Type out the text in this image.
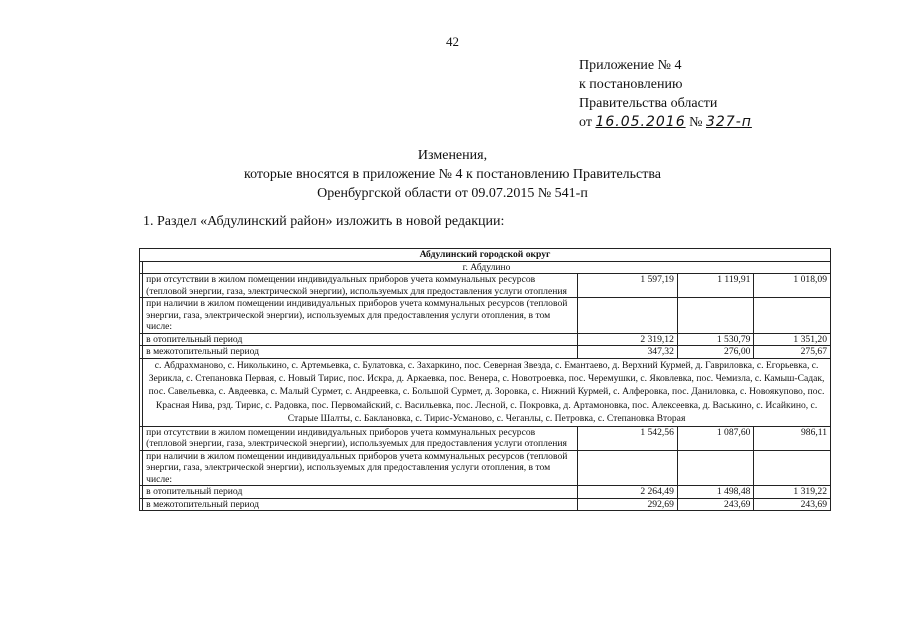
42
Приложение № 4
к постановлению
Правительства области
от 16.05.2016 № 327-п
Изменения,
которые вносятся в приложение № 4 к постановлению Правительства
Оренбургской области от 09.07.2015 № 541-п
1. Раздел «Абдулинский район» изложить в новой редакции:
Абдулинский городской округ				
	г. Абдулино			
	при отсутствии в жилом помещении индивидуальных приборов учета коммунальных ресурсов (тепловой энергии, газа, электрической энергии), используемых для предоставления услуги отопления	1 597,19	1 119,91	1 018,09
	при наличии в жилом помещении индивидуальных приборов учета коммунальных ресурсов (тепловой энергии, газа, электрической энергии), используемых для предоставления услуги отопления, в том числе:			
	в отопительный период	2 319,12	1 530,79	1 351,20
	в межотопительный период	347,32	276,00	275,67
	с. Абдрахманово, с. Николькино, с. Артемьевка, с. Булатовка, с. Захаркино, пос. Северная Звезда, с. Емантаево, д. Верхний Курмей, д. Гавриловка, с. Егорьевка, с. Зерикла, с. Степановка Первая, с. Новый Тирис, пос. Искра, д. Аркаевка, пос. Венера, с. Новотроевка, пос. Черемушки, с. Яковлевка, пос. Чемизла, с. Камыш-Садак, пос. Савельевка, с. Авдеевка, с. Малый Сурмет, с. Андреевка, с. Большой Сурмет, д. Зоровка, с. Нижний Курмей, с. Алферовка, пос. Даниловка, с. Новоякупово, пос. Красная Нива, рзд. Тирис, с. Радовка, пос. Первомайский, с. Васильевка, пос. Лесной, с. Покровка, д. Артамоновка, пос. Алексеевка, д. Васькино, с. Исайкино, с. Старые Шалты, с. Баклановка, с. Тирис-Усманово, с. Чеганлы, с. Петровка, с. Степановка Вторая			
	при отсутствии в жилом помещении индивидуальных приборов учета коммунальных ресурсов (тепловой энергии, газа, электрической энергии), используемых для предоставления услуги отопления	1 542,56	1 087,60	986,11
	при наличии в жилом помещении индивидуальных приборов учета коммунальных ресурсов (тепловой энергии, газа, электрической энергии), используемых для предоставления услуги отопления, в том числе:			
	в отопительный период	2 264,49	1 498,48	1 319,22
	в межотопительный период	292,69	243,69	243,69
